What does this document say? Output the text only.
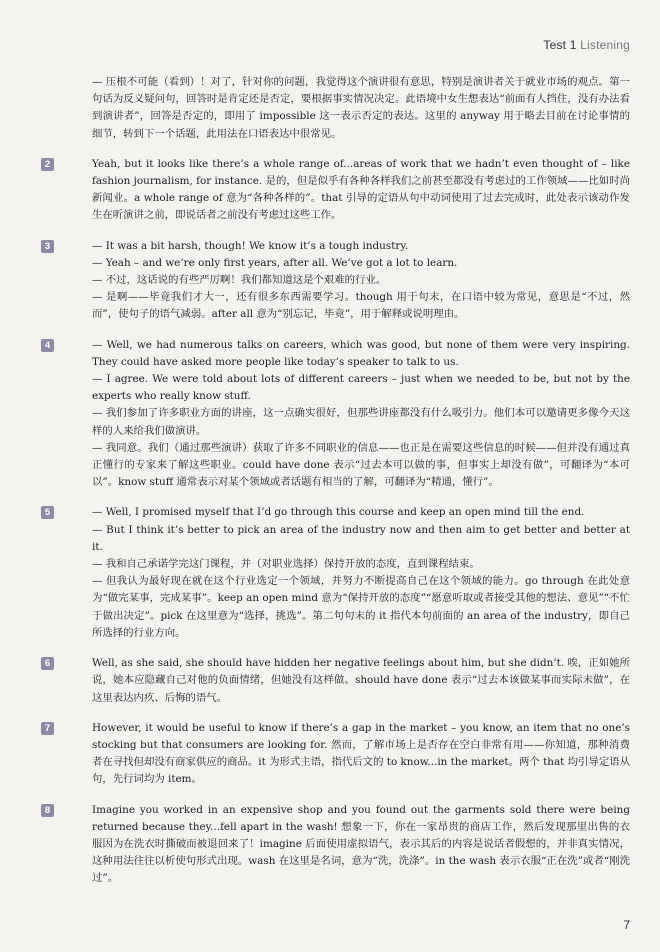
Test 1 Listening

— 压根不可能（看到）！对了，针对你的问题，我觉得这个演讲很有意思，特别是演讲者关于就业市场的观点。第一句话为反义疑问句，回答时是肯定还是否定，要根据事实情况决定。此语境中女生想表达“前面有人挡住，没有办法看到演讲者”，回答是否定的，即用了 impossible 这一表示否定的表达。这里的 anyway 用于略去目前在讨论事情的细节，转到下一个话题，此用法在口语表达中很常见。

2	Yeah, but it looks like there’s a whole range of...areas of work that we hadn’t even thought of – like fashion journalism, for instance. 是的，但是似乎有各种各样我们之前甚至都没有考虑过的工作领域——比如时尚新闻业。a whole range of 意为“各种各样的”。that 引导的定语从句中动词使用了过去完成时，此处表示该动作发生在听演讲之前，即说话者之前没有考虑过这些工作。

3	— It was a bit harsh, though! We know it’s a tough industry.

— Yeah – and we’re only first years, after all. We’ve got a lot to learn.

— 不过，这话说的有些严厉啊！我们都知道这是个艰难的行业。

— 是啊——毕竟我们才大一，还有很多东西需要学习。though 用于句末，在口语中较为常见，意思是“不过，然而”，使句子的语气减弱。after all 意为“别忘记，毕竟”，用于解释或说明理由。

4	— Well, we had numerous talks on careers, which was good, but none of them were very inspiring. They could have asked more people like today’s speaker to talk to us.

— I agree. We were told about lots of different careers – just when we needed to be, but not by the experts who really know stuff.

— 我们参加了许多职业方面的讲座，这一点确实很好，但那些讲座都没有什么吸引力。他们本可以邀请更多像今天这样的人来给我们做演讲。

— 我同意。我们（通过那些演讲）获取了许多不同职业的信息——也正是在需要这些信息的时候——但并没有通过真正懂行的专家来了解这些职业。could have done 表示“过去本可以做的事，但事实上却没有做”，可翻译为“本可以”。know stuff 通常表示对某个领域或者话题有相当的了解，可翻译为“精通，懂行”。

5	— Well, I promised myself that I’d go through this course and keep an open mind till the end.

— But I think it’s better to pick an area of the industry now and then aim to get better and better at it.

— 我和自己承诺学完这门课程，并（对职业选择）保持开放的态度，直到课程结束。

— 但我认为最好现在就在这个行业选定一个领域，并努力不断提高自己在这个领域的能力。go through 在此处意为“做完某事，完成某事”。keep an open mind 意为“保持开放的态度”“愿意听取或者接受其他的想法、意见”“不忙于做出决定”。pick 在这里意为“选择，挑选”。第二句句末的 it 指代本句前面的 an area of the industry，即自己所选择的行业方向。

6	Well, as she said, she should have hidden her negative feelings about him, but she didn’t. 唉，正如她所说，她本应隐藏自己对他的负面情绪，但她没有这样做。should have done 表示“过去本该做某事而实际未做”，在这里表达内疚、后悔的语气。

7	However, it would be useful to know if there’s a gap in the market – you know, an item that no one’s stocking but that consumers are looking for. 然而，了解市场上是否存在空白非常有用——你知道，那种消费者在寻找但却没有商家供应的商品。it 为形式主语，指代后文的 to know...in the market。两个 that 均引导定语从句，先行词均为 item。

8	Imagine you worked in an expensive shop and you found out the garments sold there were being returned because they...fell apart in the wash! 想象一下，你在一家昂贵的商店工作，然后发现那里出售的衣服因为在洗衣时撕破而被退回来了！imagine 后面使用虚拟语气，表示其后的内容是说话者假想的，并非真实情况，这种用法往往以析使句形式出现。wash 在这里是名词，意为“洗，洗涤”。in the wash 表示衣服“正在洗”或者“刚洗过”。

7
